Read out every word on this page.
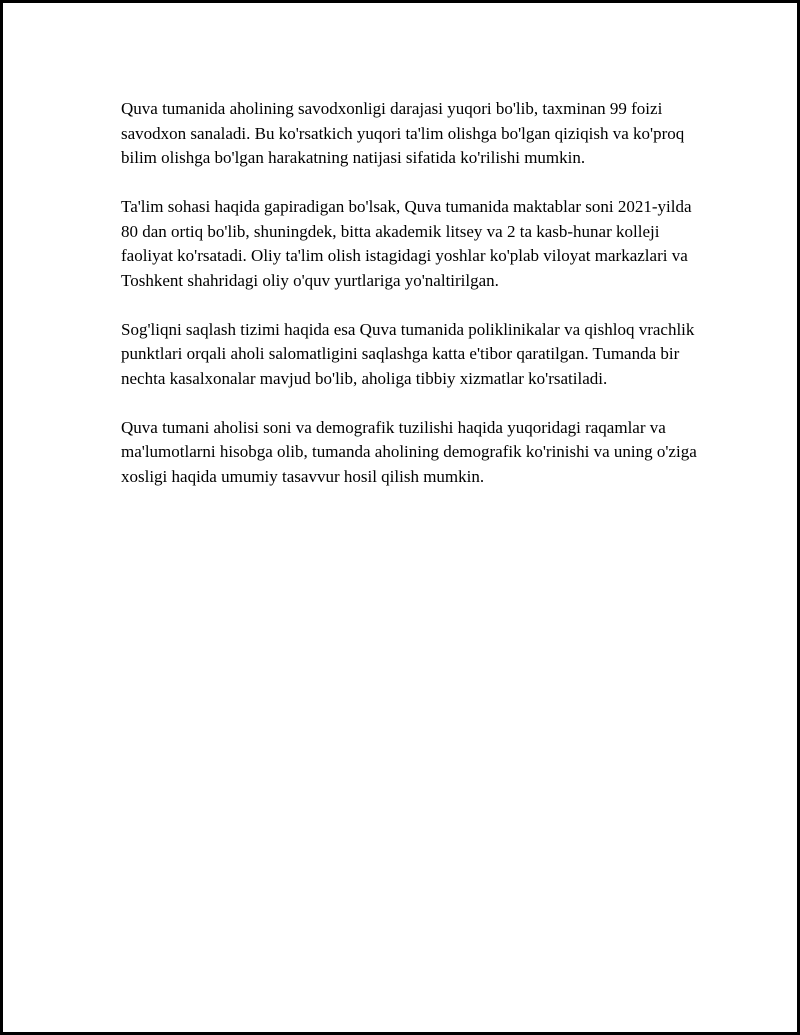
Quva tumanida aholining savodxonligi darajasi yuqori bo'lib, taxminan 99 foizi savodxon sanaladi. Bu ko'rsatkich yuqori ta'lim olishga bo'lgan qiziqish va ko'proq bilim olishga bo'lgan harakatning natijasi sifatida ko'rilishi mumkin.

Ta'lim sohasi haqida gapiradigan bo'lsak, Quva tumanida maktablar soni 2021-yilda 80 dan ortiq bo'lib, shuningdek, bitta akademik litsey va 2 ta kasb-hunar kolleji faoliyat ko'rsatadi. Oliy ta'lim olish istagidagi yoshlar ko'plab viloyat markazlari va Toshkent shahridagi oliy o'quv yurtlariga yo'naltirilgan.

Sog'liqni saqlash tizimi haqida esa Quva tumanida poliklinikalar va qishloq vrachlik punktlari orqali aholi salomatligini saqlashga katta e'tibor qaratilgan. Tumanda bir nechta kasalxonalar mavjud bo'lib, aholiga tibbiy xizmatlar ko'rsatiladi.

Quva tumani aholisi soni va demografik tuzilishi haqida yuqoridagi raqamlar va ma'lumotlarni hisobga olib, tumanda aholining demografik ko'rinishi va uning o'ziga xosligi haqida umumiy tasavvur hosil qilish mumkin.
